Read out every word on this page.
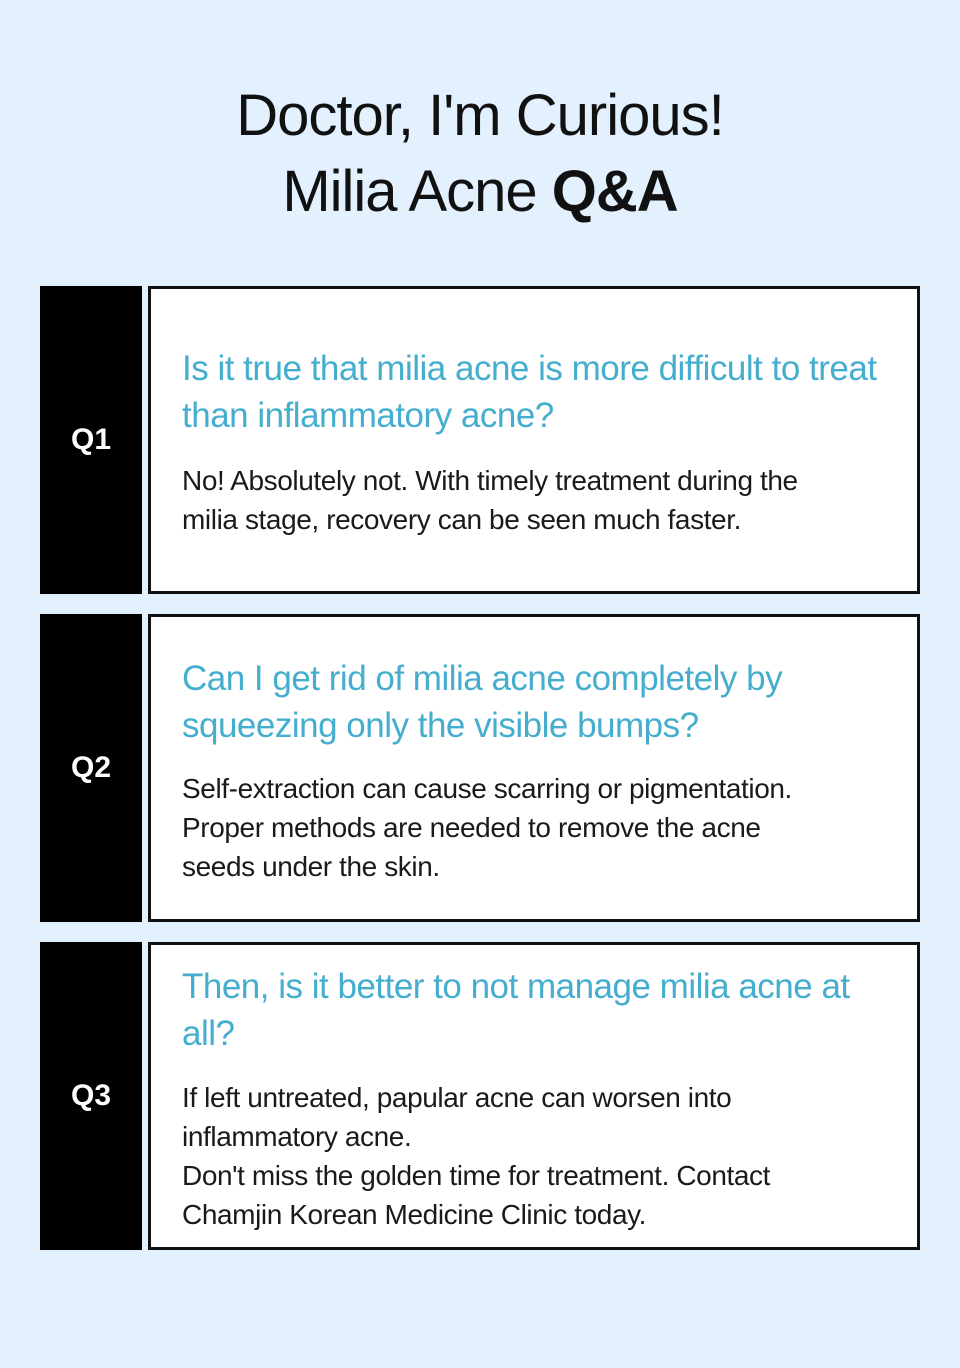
Doctor, I'm Curious!
Milia Acne Q&A
Q1

Is it true that milia acne is more difficult to treat than inflammatory acne?

No! Absolutely not. With timely treatment during the
milia stage, recovery can be seen much faster.

Q2

Can I get rid of milia acne completely by squeezing only the visible bumps?

Self-extraction can cause scarring or pigmentation.
Proper methods are needed to remove the acne
seeds under the skin.

Q3

Then, is it better to not manage milia acne at all?

If left untreated, papular acne can worsen into
inflammatory acne.
Don't miss the golden time for treatment. Contact
Chamjin Korean Medicine Clinic today.
